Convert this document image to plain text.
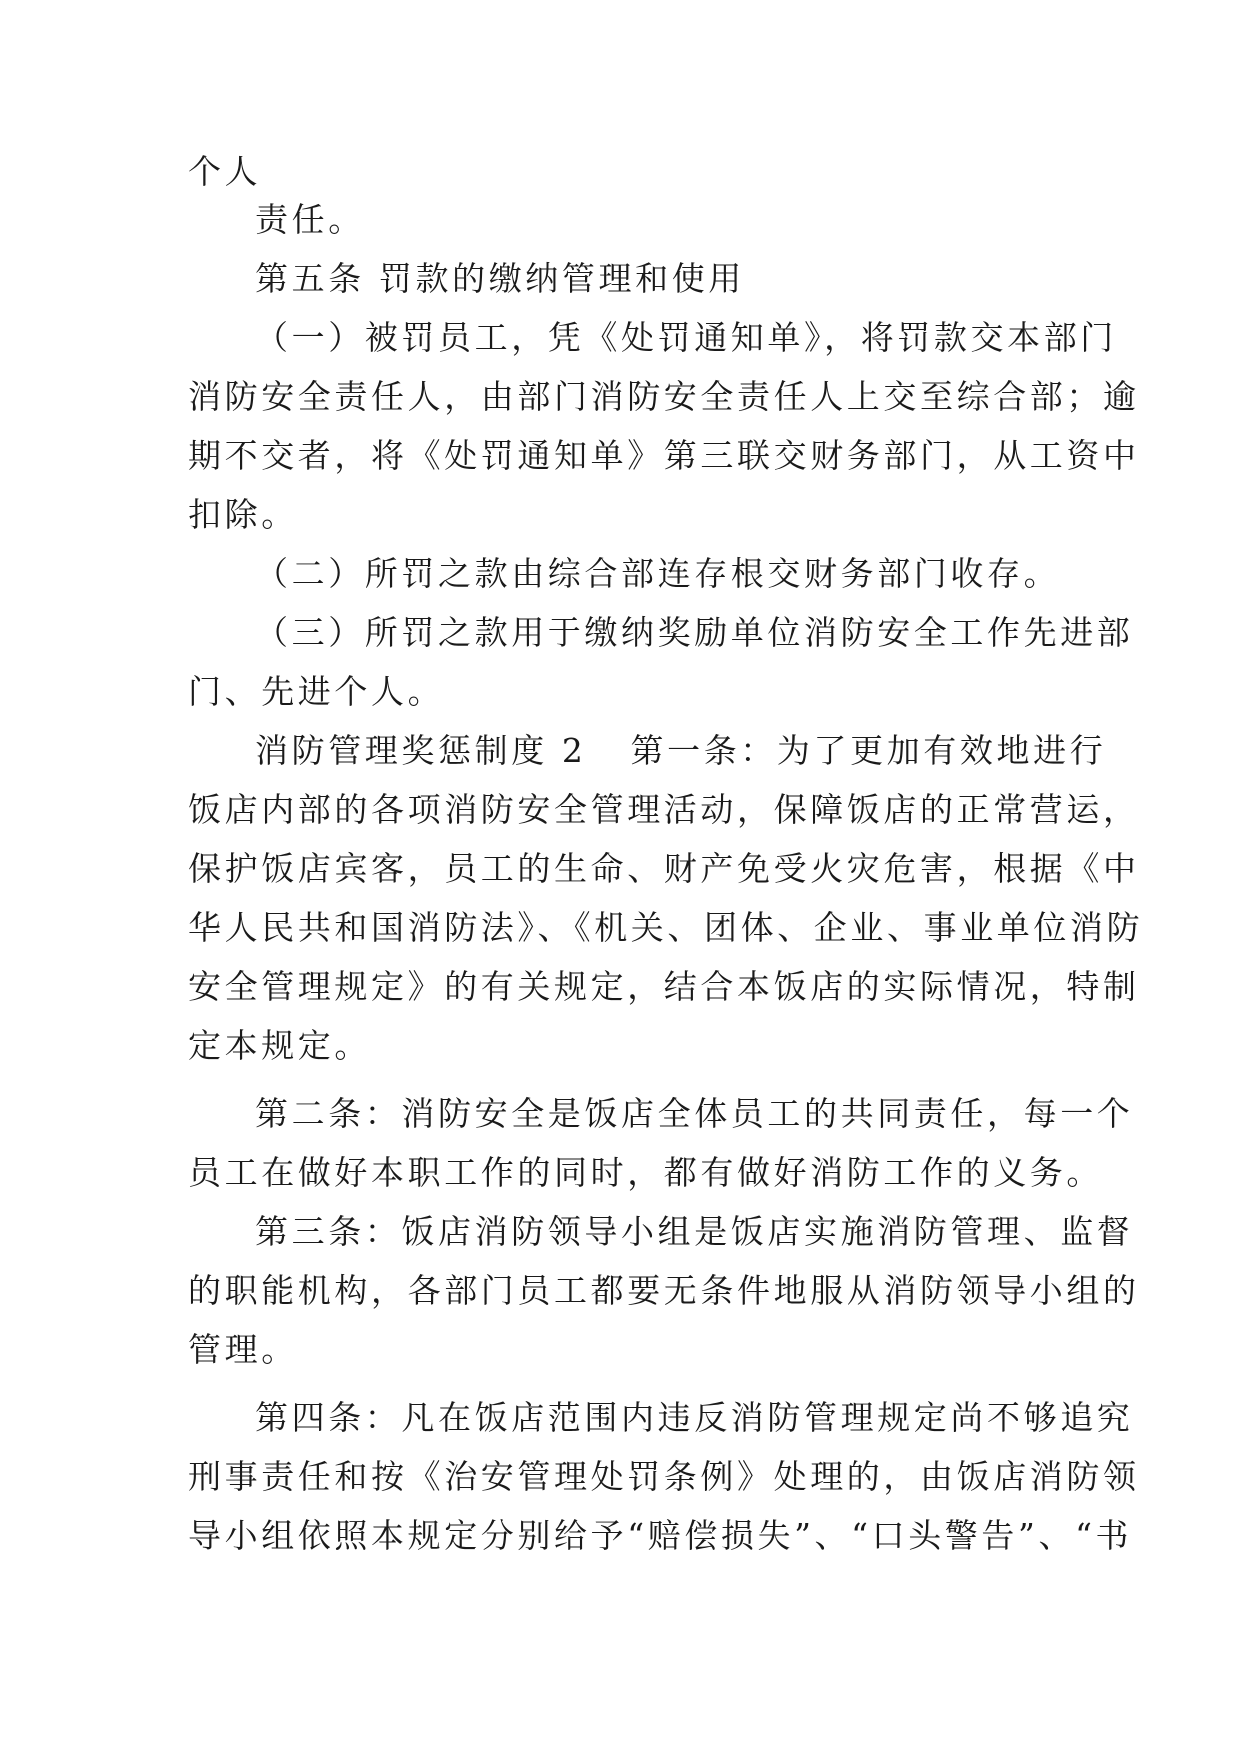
个人

责任。

第五条 罚款的缴纳管理和使用

（一）被罚员工，凭《处罚通知单》，将罚款交本部门

消防安全责任人，由部门消防安全责任人上交至综合部；逾

期不交者，将《处罚通知单》第三联交财务部门，从工资中

扣除。

（二）所罚之款由综合部连存根交财务部门收存。

（三）所罚之款用于缴纳奖励单位消防安全工作先进部

门、先进个人。

消防管理奖惩制度 2 第一条：为了更加有效地进行

饭店内部的各项消防安全管理活动，保障饭店的正常营运，

保护饭店宾客，员工的生命、财产免受火灾危害，根据《中

华人民共和国消防法》、《机关、团体、企业、事业单位消防

安全管理规定》的有关规定，结合本饭店的实际情况，特制

定本规定。

第二条：消防安全是饭店全体员工的共同责任，每一个

员工在做好本职工作的同时，都有做好消防工作的义务。

第三条：饭店消防领导小组是饭店实施消防管理、监督

的职能机构，各部门员工都要无条件地服从消防领导小组的

管理。

第四条：凡在饭店范围内违反消防管理规定尚不够追究

刑事责任和按《治安管理处罚条例》处理的，由饭店消防领

导小组依照本规定分别给予“赔偿损失”、“口头警告”、“书
